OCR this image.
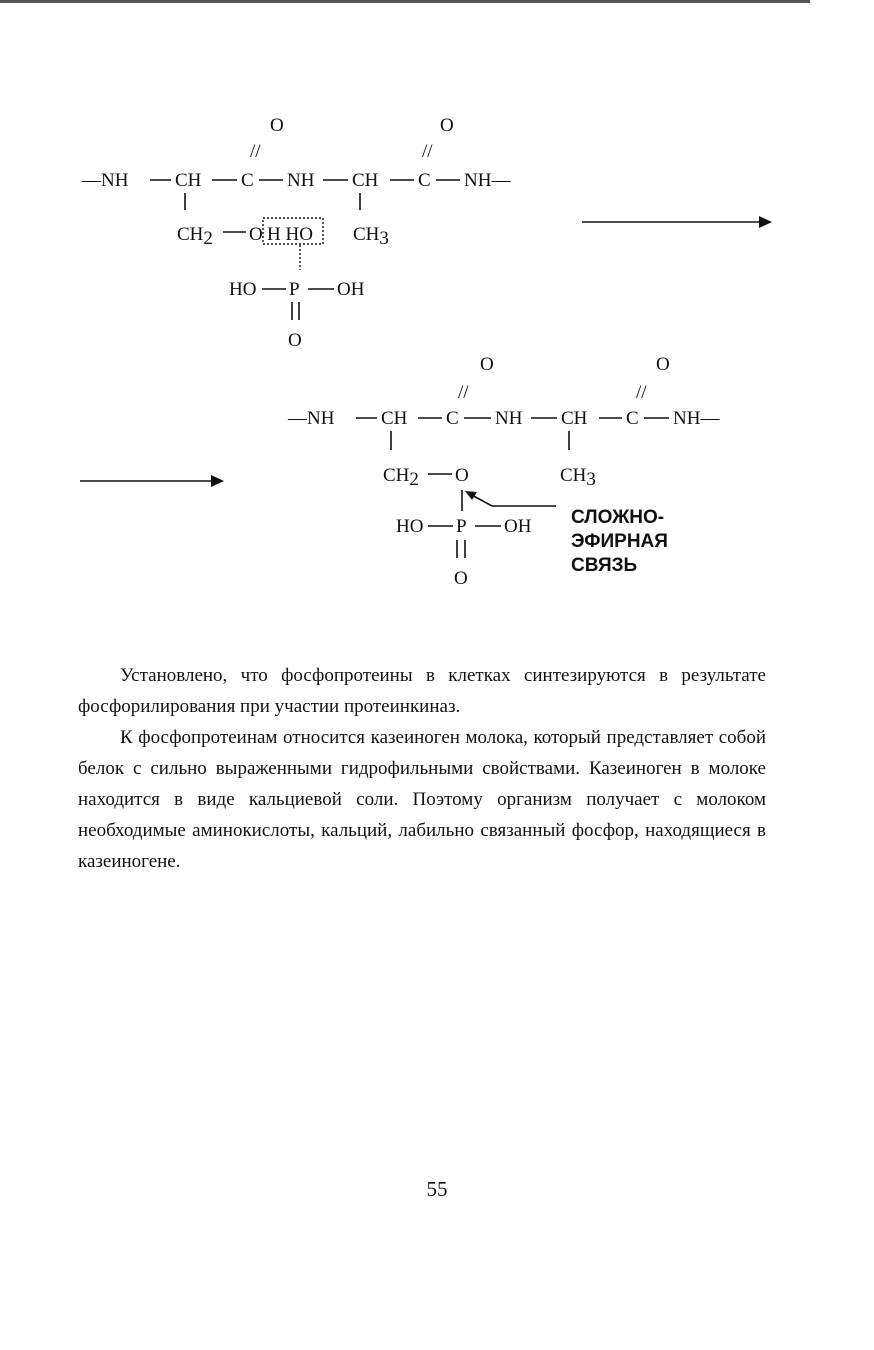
O	O
//	//
—NH CH C NH CH C NH—
CH2 O H HO CH3
HO P OH
O
O	O
//	//
—NH CH C NH CH C NH—
CH2 O	CH3
HO P OH
O
СЛОЖНО-
ЭФИРНАЯ
СВЯЗЬ

Установлено, что фосфопротеины в клетках синтезируются в результате фосфорилирования при участии протеинкиназ.

К фосфопротеинам относится казеиноген молока, который представляет собой белок с сильно выраженными гидрофильными свойствами. Казеиноген в молоке находится в виде кальциевой соли. Поэтому организм получает с молоком необходимые аминокислоты, кальций, лабильно связанный фосфор, находящиеся в казеиногене.

55
